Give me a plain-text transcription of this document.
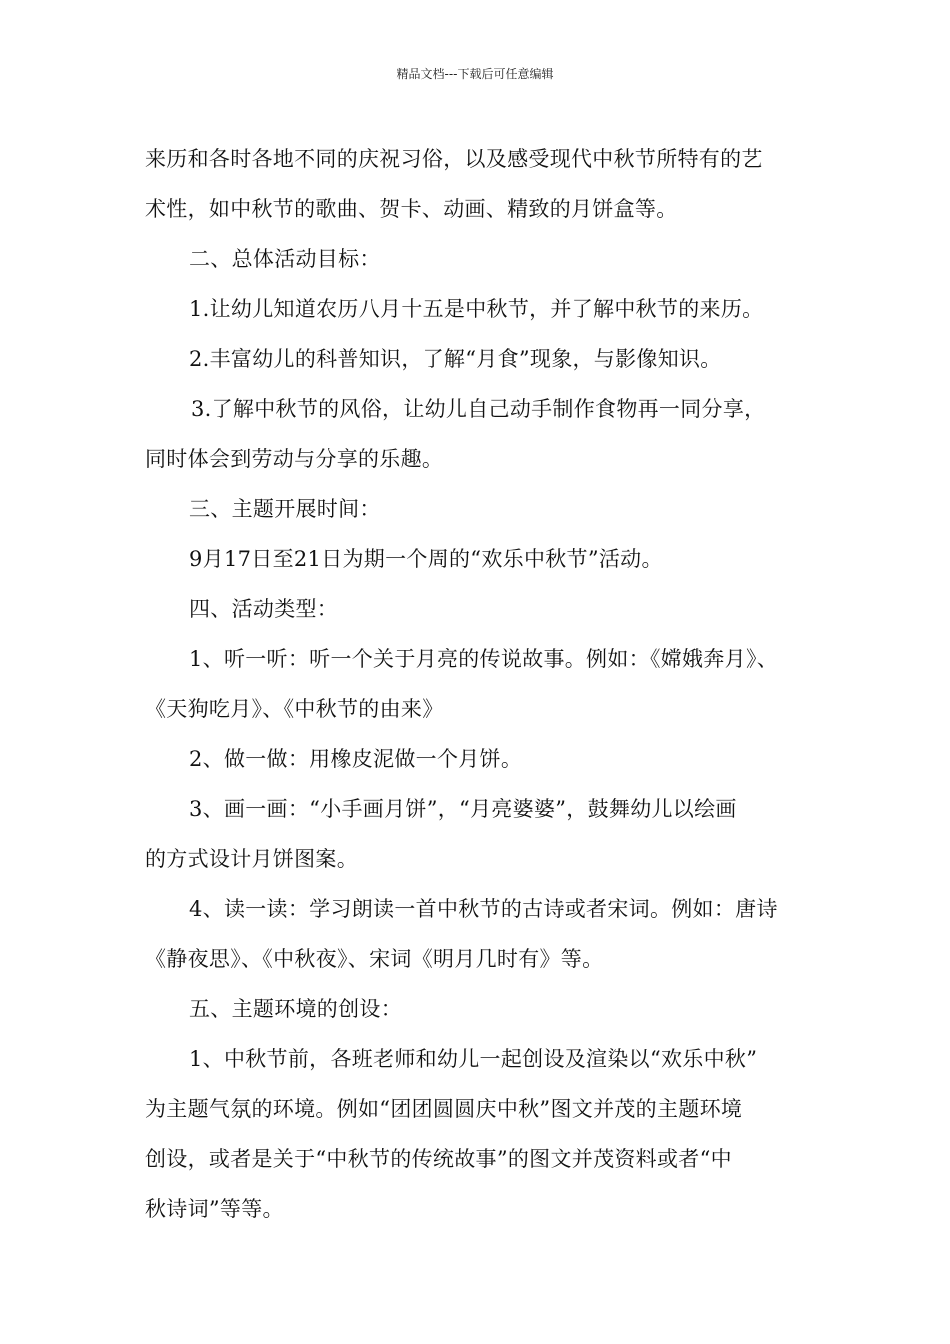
精品文档---下载后可任意编辑
来历和各时各地不同的庆祝习俗，以及感受现代中秋节所特有的艺
术性，如中秋节的歌曲、贺卡、动画、精致的月饼盒等。
二、总体活动目标：
1.让幼儿知道农历八月十五是中秋节，并了解中秋节的来历。
2.丰富幼儿的科普知识，了解“月食”现象，与影像知识。
3.了解中秋节的风俗，让幼儿自己动手制作食物再一同分享，
同时体会到劳动与分享的乐趣。
三、主题开展时间：
9月17日至21日为期一个周的“欢乐中秋节”活动。
四、活动类型：
1、听一听：听一个关于月亮的传说故事。例如：《嫦娥奔月》、
《天狗吃月》、《中秋节的由来》
2、做一做：用橡皮泥做一个月饼。
3、画一画：“小手画月饼”，“月亮婆婆”，鼓舞幼儿以绘画
的方式设计月饼图案。
4、读一读：学习朗读一首中秋节的古诗或者宋词。例如：唐诗
《静夜思》、《中秋夜》、宋词《明月几时有》等。
五、主题环境的创设：
1、中秋节前，各班老师和幼儿一起创设及渲染以“欢乐中秋”
为主题气氛的环境。例如“团团圆圆庆中秋”图文并茂的主题环境
创设，或者是关于“中秋节的传统故事”的图文并茂资料或者“中
秋诗词”等等。
